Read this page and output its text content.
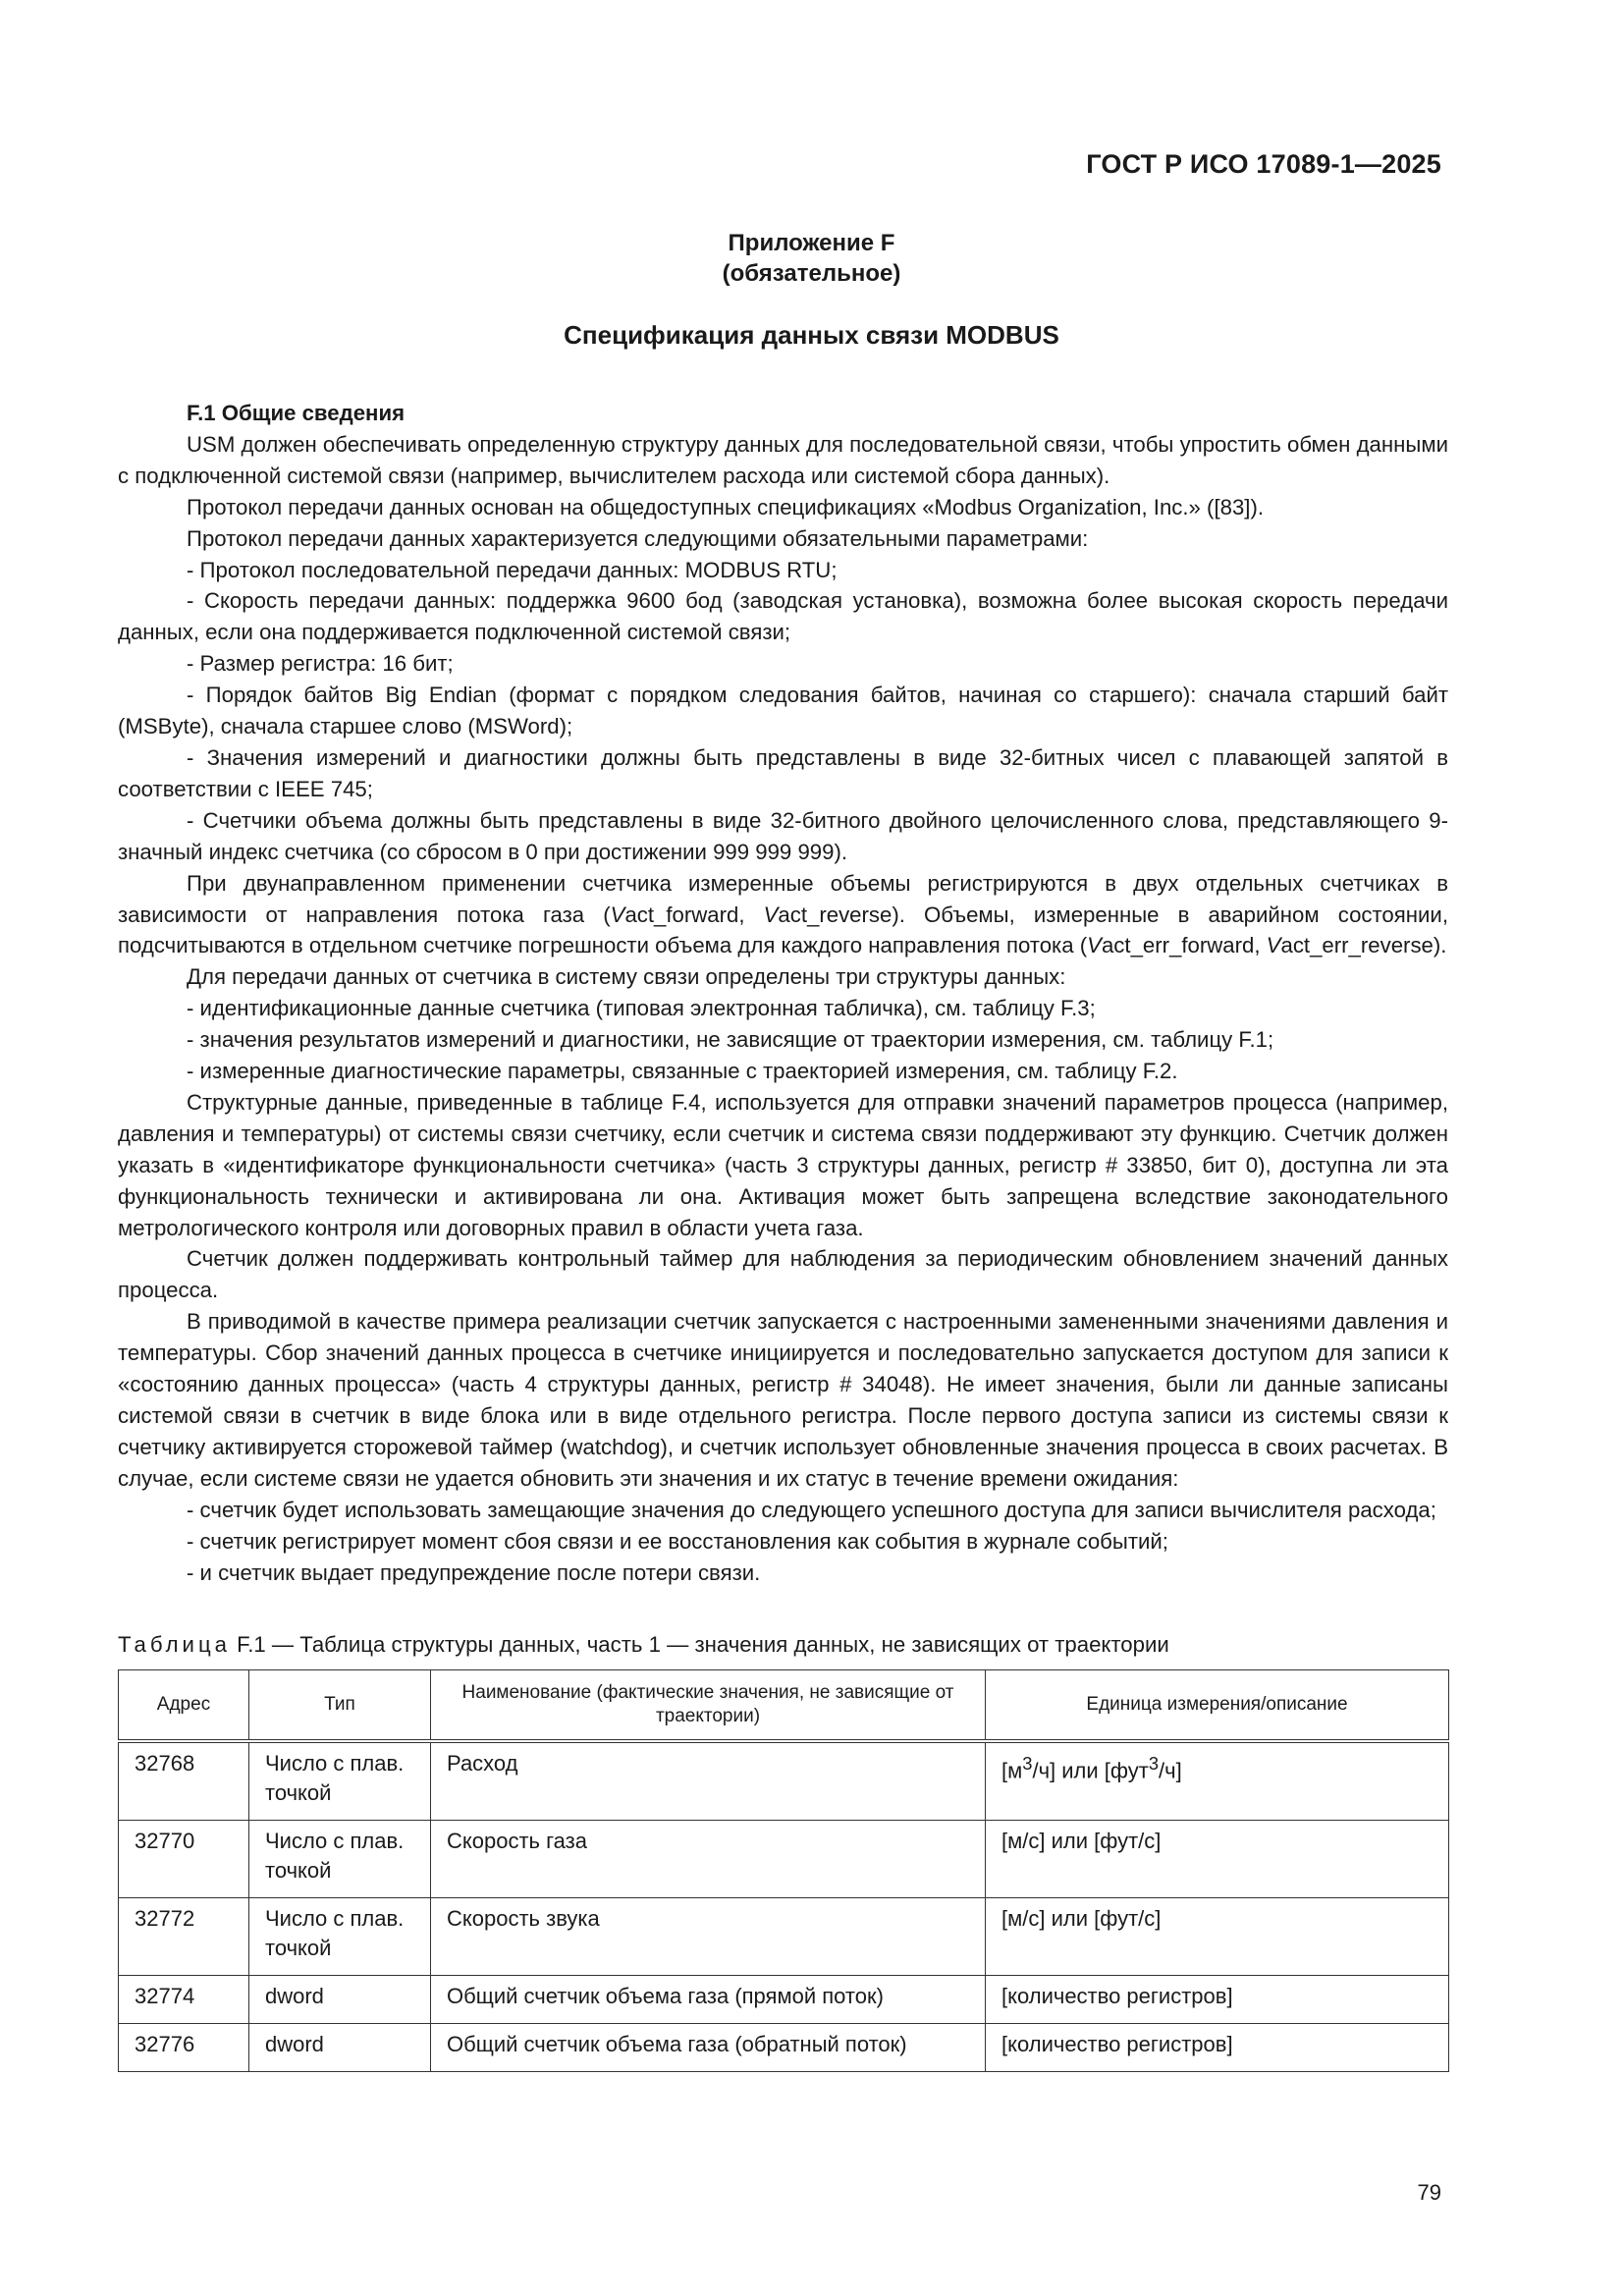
ГОСТ Р ИСО 17089-1—2025
Приложение F
(обязательное)
Спецификация данных связи MODBUS

F.1 Общие сведения

USM должен обеспечивать определенную структуру данных для последовательной связи, чтобы упростить обмен данными с подключенной системой связи (например, вычислителем расхода или системой сбора данных).

Протокол передачи данных основан на общедоступных спецификациях «Modbus Organization, Inc.» ([83]).

Протокол передачи данных характеризуется следующими обязательными параметрами:

- Протокол последовательной передачи данных: MODBUS RTU;

- Скорость передачи данных: поддержка 9600 бод (заводская установка), возможна более высокая скорость передачи данных, если она поддерживается подключенной системой связи;

- Размер регистра: 16 бит;

- Порядок байтов Big Endian (формат с порядком следования байтов, начиная со старшего): сначала старший байт (MSByte), сначала старшее слово (MSWord);

- Значения измерений и диагностики должны быть представлены в виде 32-битных чисел с плавающей запятой в соответствии с IEEE 745;

- Счетчики объема должны быть представлены в виде 32-битного двойного целочисленного слова, представляющего 9-значный индекс счетчика (со сбросом в 0 при достижении 999 999 999).

При двунаправленном применении счетчика измеренные объемы регистрируются в двух отдельных счетчиках в зависимости от направления потока газа (Vact_forward, Vact_reverse). Объемы, измеренные в аварийном состоянии, подсчитываются в отдельном счетчике погрешности объема для каждого направления потока (Vact_err_forward, Vact_err_reverse).

Для передачи данных от счетчика в систему связи определены три структуры данных:

- идентификационные данные счетчика (типовая электронная табличка), см. таблицу F.3;

- значения результатов измерений и диагностики, не зависящие от траектории измерения, см. таблицу F.1;

- измеренные диагностические параметры, связанные с траекторией измерения, см. таблицу F.2.

Структурные данные, приведенные в таблице F.4, используется для отправки значений параметров процесса (например, давления и температуры) от системы связи счетчику, если счетчик и система связи поддерживают эту функцию. Счетчик должен указать в «идентификаторе функциональности счетчика» (часть 3 структуры данных, регистр # 33850, бит 0), доступна ли эта функциональность технически и активирована ли она. Активация может быть запрещена вследствие законодательного метрологического контроля или договорных правил в области учета газа.

Счетчик должен поддерживать контрольный таймер для наблюдения за периодическим обновлением значений данных процесса.

В приводимой в качестве примера реализации счетчик запускается с настроенными замененными значениями давления и температуры. Сбор значений данных процесса в счетчике инициируется и последовательно запускается доступом для записи к «состоянию данных процесса» (часть 4 структуры данных, регистр # 34048). Не имеет значения, были ли данные записаны системой связи в счетчик в виде блока или в виде отдельного регистра. После первого доступа записи из системы связи к счетчику активируется сторожевой таймер (watchdog), и счетчик использует обновленные значения процесса в своих расчетах. В случае, если системе связи не удается обновить эти значения и их статус в течение времени ожидания:

- счетчик будет использовать замещающие значения до следующего успешного доступа для записи вычислителя расхода;

- счетчик регистрирует момент сбоя связи и ее восстановления как события в журнале событий;

- и счетчик выдает предупреждение после потери связи.

Таблица F.1 — Таблица структуры данных, часть 1 — значения данных, не зависящих от траектории
Адрес	Тип	Наименование (фактические значения, не зависящие от траектории)	Единица измерения/описание
32768	Число с плав. точкой	Расход	$[м^3/ч]$ или [фут$^3$/ч]
32770	Число с плав. точкой	Скорость газа	[м/с] или [фут/с]
32772	Число с плав. точкой	Скорость звука	[м/с] или [фут/с]
32774	dword	Общий счетчик объема газа (прямой поток)	[количество регистров]
32776	dword	Общий счетчик объема газа (обратный поток)	[количество регистров]
79
